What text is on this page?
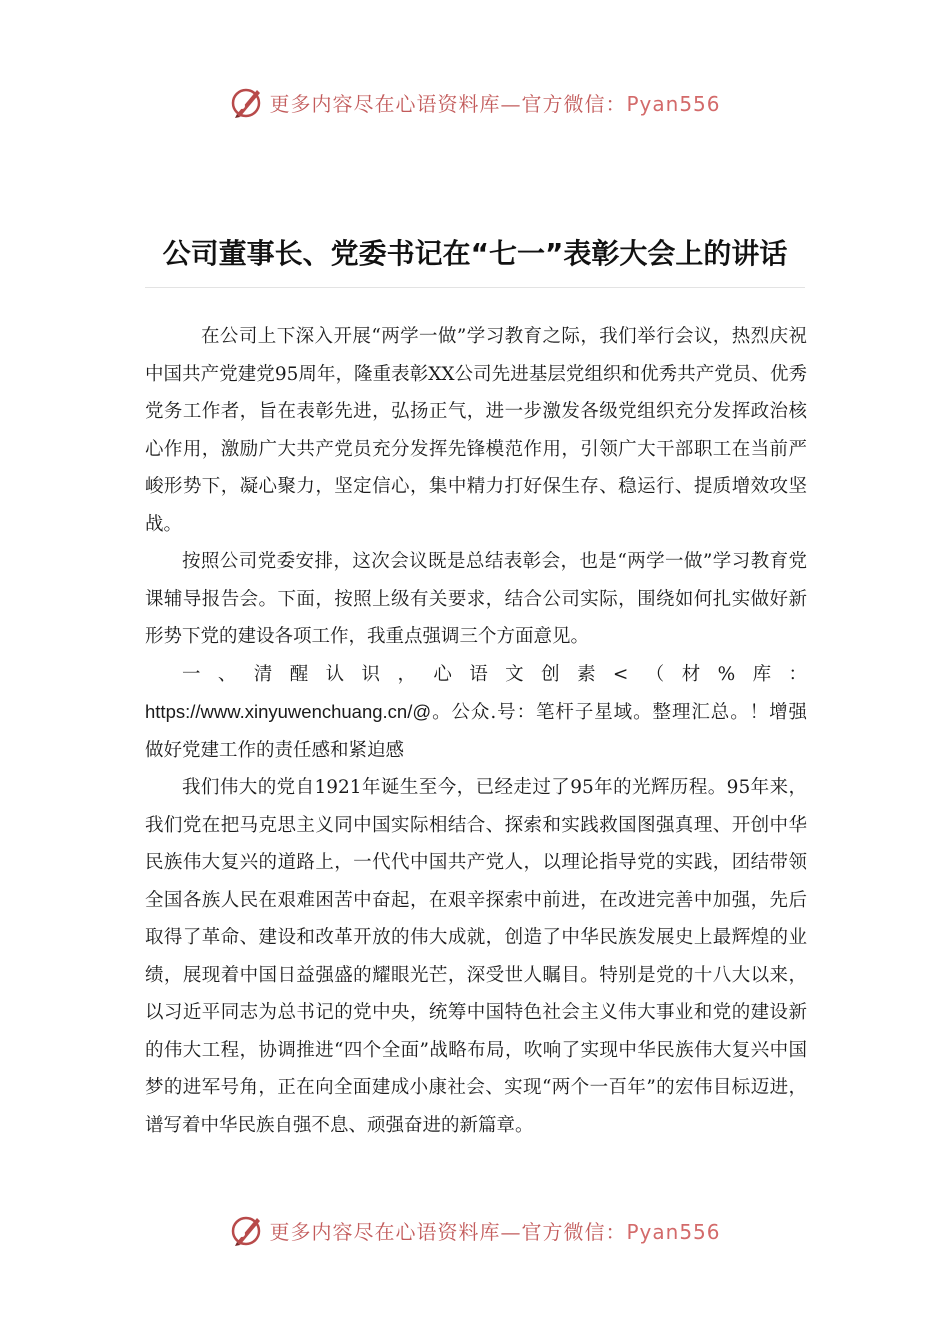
更多内容尽在心语资料库—官方微信：Pyan556
公司董事长、党委书记在“七一”表彰大会上的讲话

在公司上下深入开展“两学一做”学习教育之际，我们举行会议，热烈庆祝中国共产党建党95周年，隆重表彰XX公司先进基层党组织和优秀共产党员、优秀党务工作者，旨在表彰先进，弘扬正气，进一步激发各级党组织充分发挥政治核心作用，激励广大共产党员充分发挥先锋模范作用，引领广大干部职工在当前严峻形势下，凝心聚力，坚定信心，集中精力打好保生存、稳运行、提质增效攻坚战。

按照公司党委安排，这次会议既是总结表彰会，也是“两学一做”学习教育党课辅导报告会。下面，按照上级有关要求，结合公司实际，围绕如何扎实做好新形势下党的建设各项工作，我重点强调三个方面意见。

一、清醒认识，心语文创素<（材%库：https://www.xinyuwenchuang.cn/@。公众.号：笔杆子星域。整理汇总。！增强做好党建工作的责任感和紧迫感

我们伟大的党自1921年诞生至今，已经走过了95年的光辉历程。95年来，我们党在把马克思主义同中国实际相结合、探索和实践救国图强真理、开创中华民族伟大复兴的道路上，一代代中国共产党人，以理论指导党的实践，团结带领全国各族人民在艰难困苦中奋起，在艰辛探索中前进，在改进完善中加强，先后取得了革命、建设和改革开放的伟大成就，创造了中华民族发展史上最辉煌的业绩，展现着中国日益强盛的耀眼光芒，深受世人瞩目。特别是党的十八大以来，以习近平同志为总书记的党中央，统筹中国特色社会主义伟大事业和党的建设新的伟大工程，协调推进“四个全面”战略布局，吹响了实现中华民族伟大复兴中国梦的进军号角，正在向全面建成小康社会、实现“两个一百年”的宏伟目标迈进，谱写着中华民族自强不息、顽强奋进的新篇章。

更多内容尽在心语资料库—官方微信：Pyan556
